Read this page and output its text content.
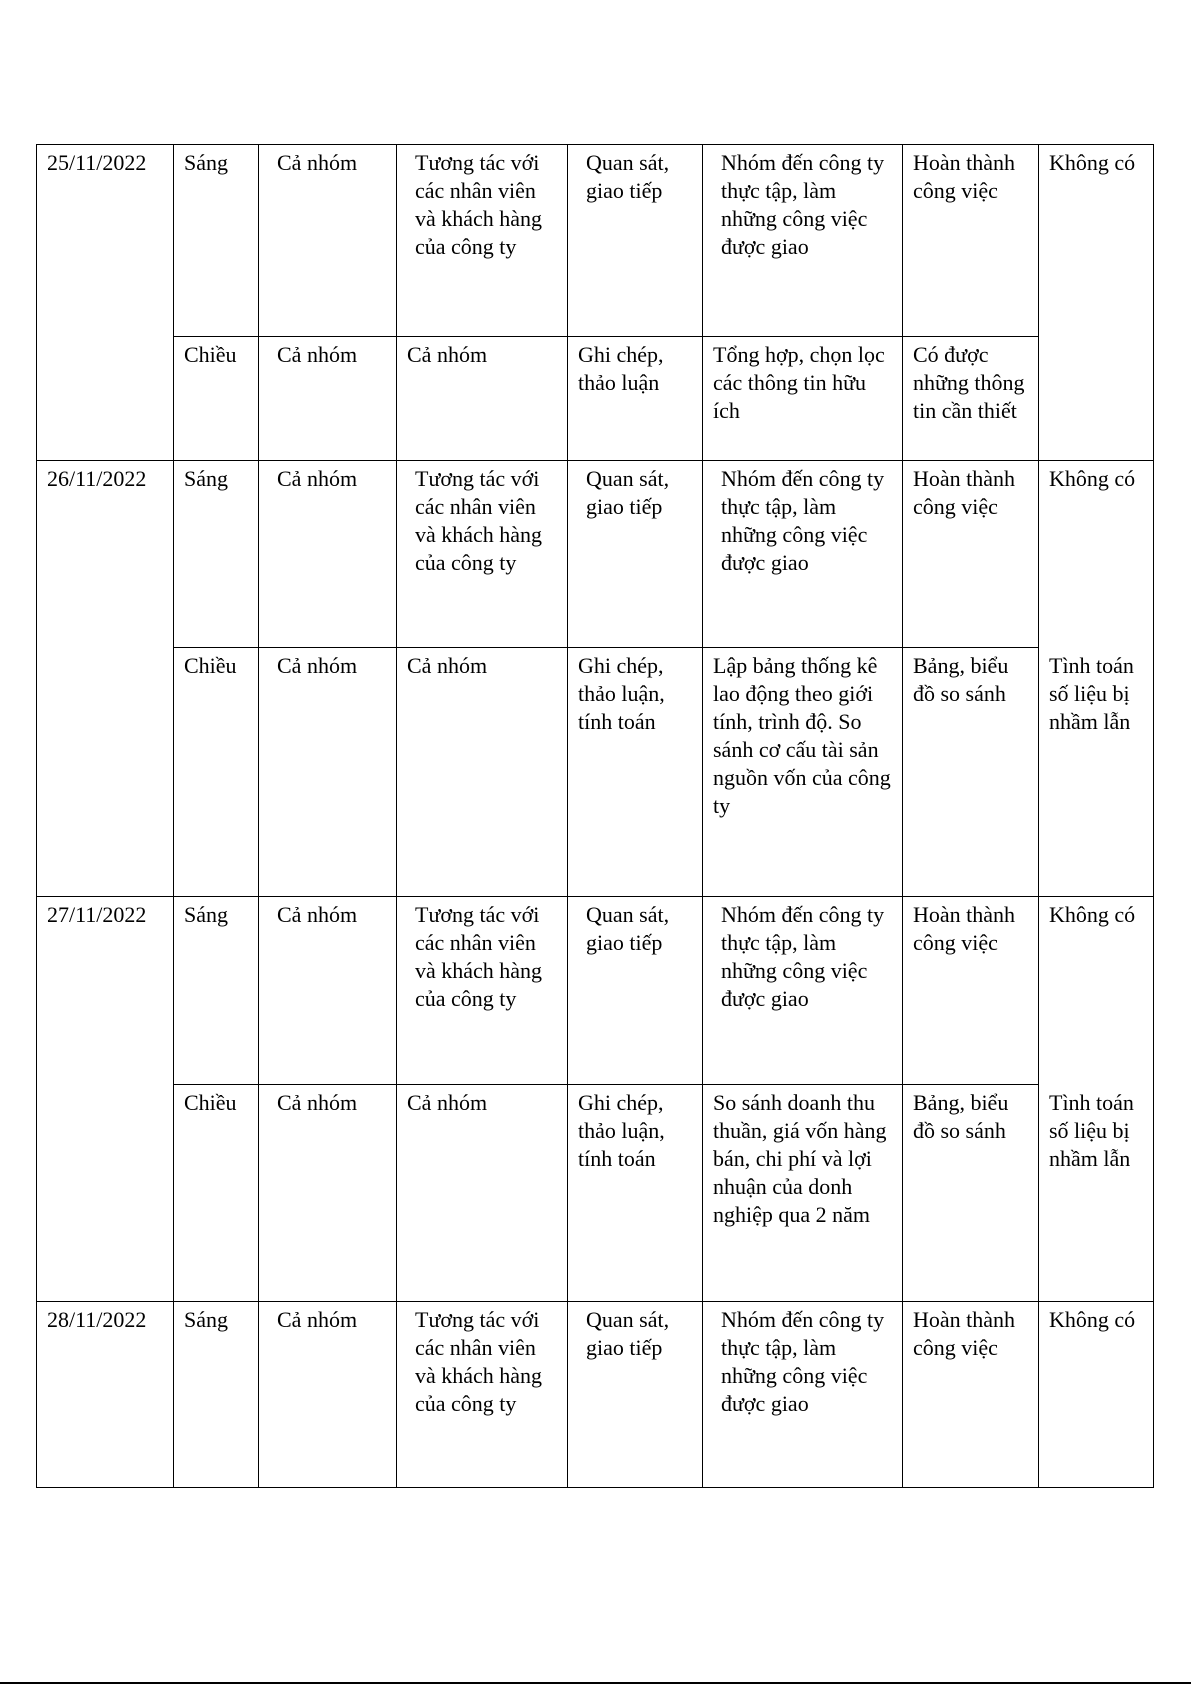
25/11/2022	Sáng	Cả nhóm	Tương tác với các nhân viên và khách hàng của công ty	Quan sát, giao tiếp	Nhóm đến công ty thực tập, làm những công việc được giao	Hoàn thành công việc	Không có
	Chiều	Cả nhóm	Cả nhóm	Ghi chép, thảo luận	Tổng hợp, chọn lọc các thông tin hữu ích	Có được những thông tin cần thiết	
26/11/2022	Sáng	Cả nhóm	Tương tác với các nhân viên và khách hàng của công ty	Quan sát, giao tiếp	Nhóm đến công ty thực tập, làm những công việc được giao	Hoàn thành công việc	Không có
	Chiều	Cả nhóm	Cả nhóm	Ghi chép, thảo luận, tính toán	Lập bảng thống kê lao động theo giới tính, trình độ. So sánh cơ cấu tài sản nguồn vốn của công ty	Bảng, biểu đồ so sánh	Tình toán số liệu bị nhầm lẫn
27/11/2022	Sáng	Cả nhóm	Tương tác với các nhân viên và khách hàng của công ty	Quan sát, giao tiếp	Nhóm đến công ty thực tập, làm những công việc được giao	Hoàn thành công việc	Không có
	Chiều	Cả nhóm	Cả nhóm	Ghi chép, thảo luận, tính toán	So sánh doanh thu thuần, giá vốn hàng bán, chi phí và lợi nhuận của donh nghiệp qua 2 năm	Bảng, biểu đồ so sánh	Tình toán số liệu bị nhầm lẫn
28/11/2022	Sáng	Cả nhóm	Tương tác với các nhân viên và khách hàng của công ty	Quan sát, giao tiếp	Nhóm đến công ty thực tập, làm những công việc được giao	Hoàn thành công việc	Không có
